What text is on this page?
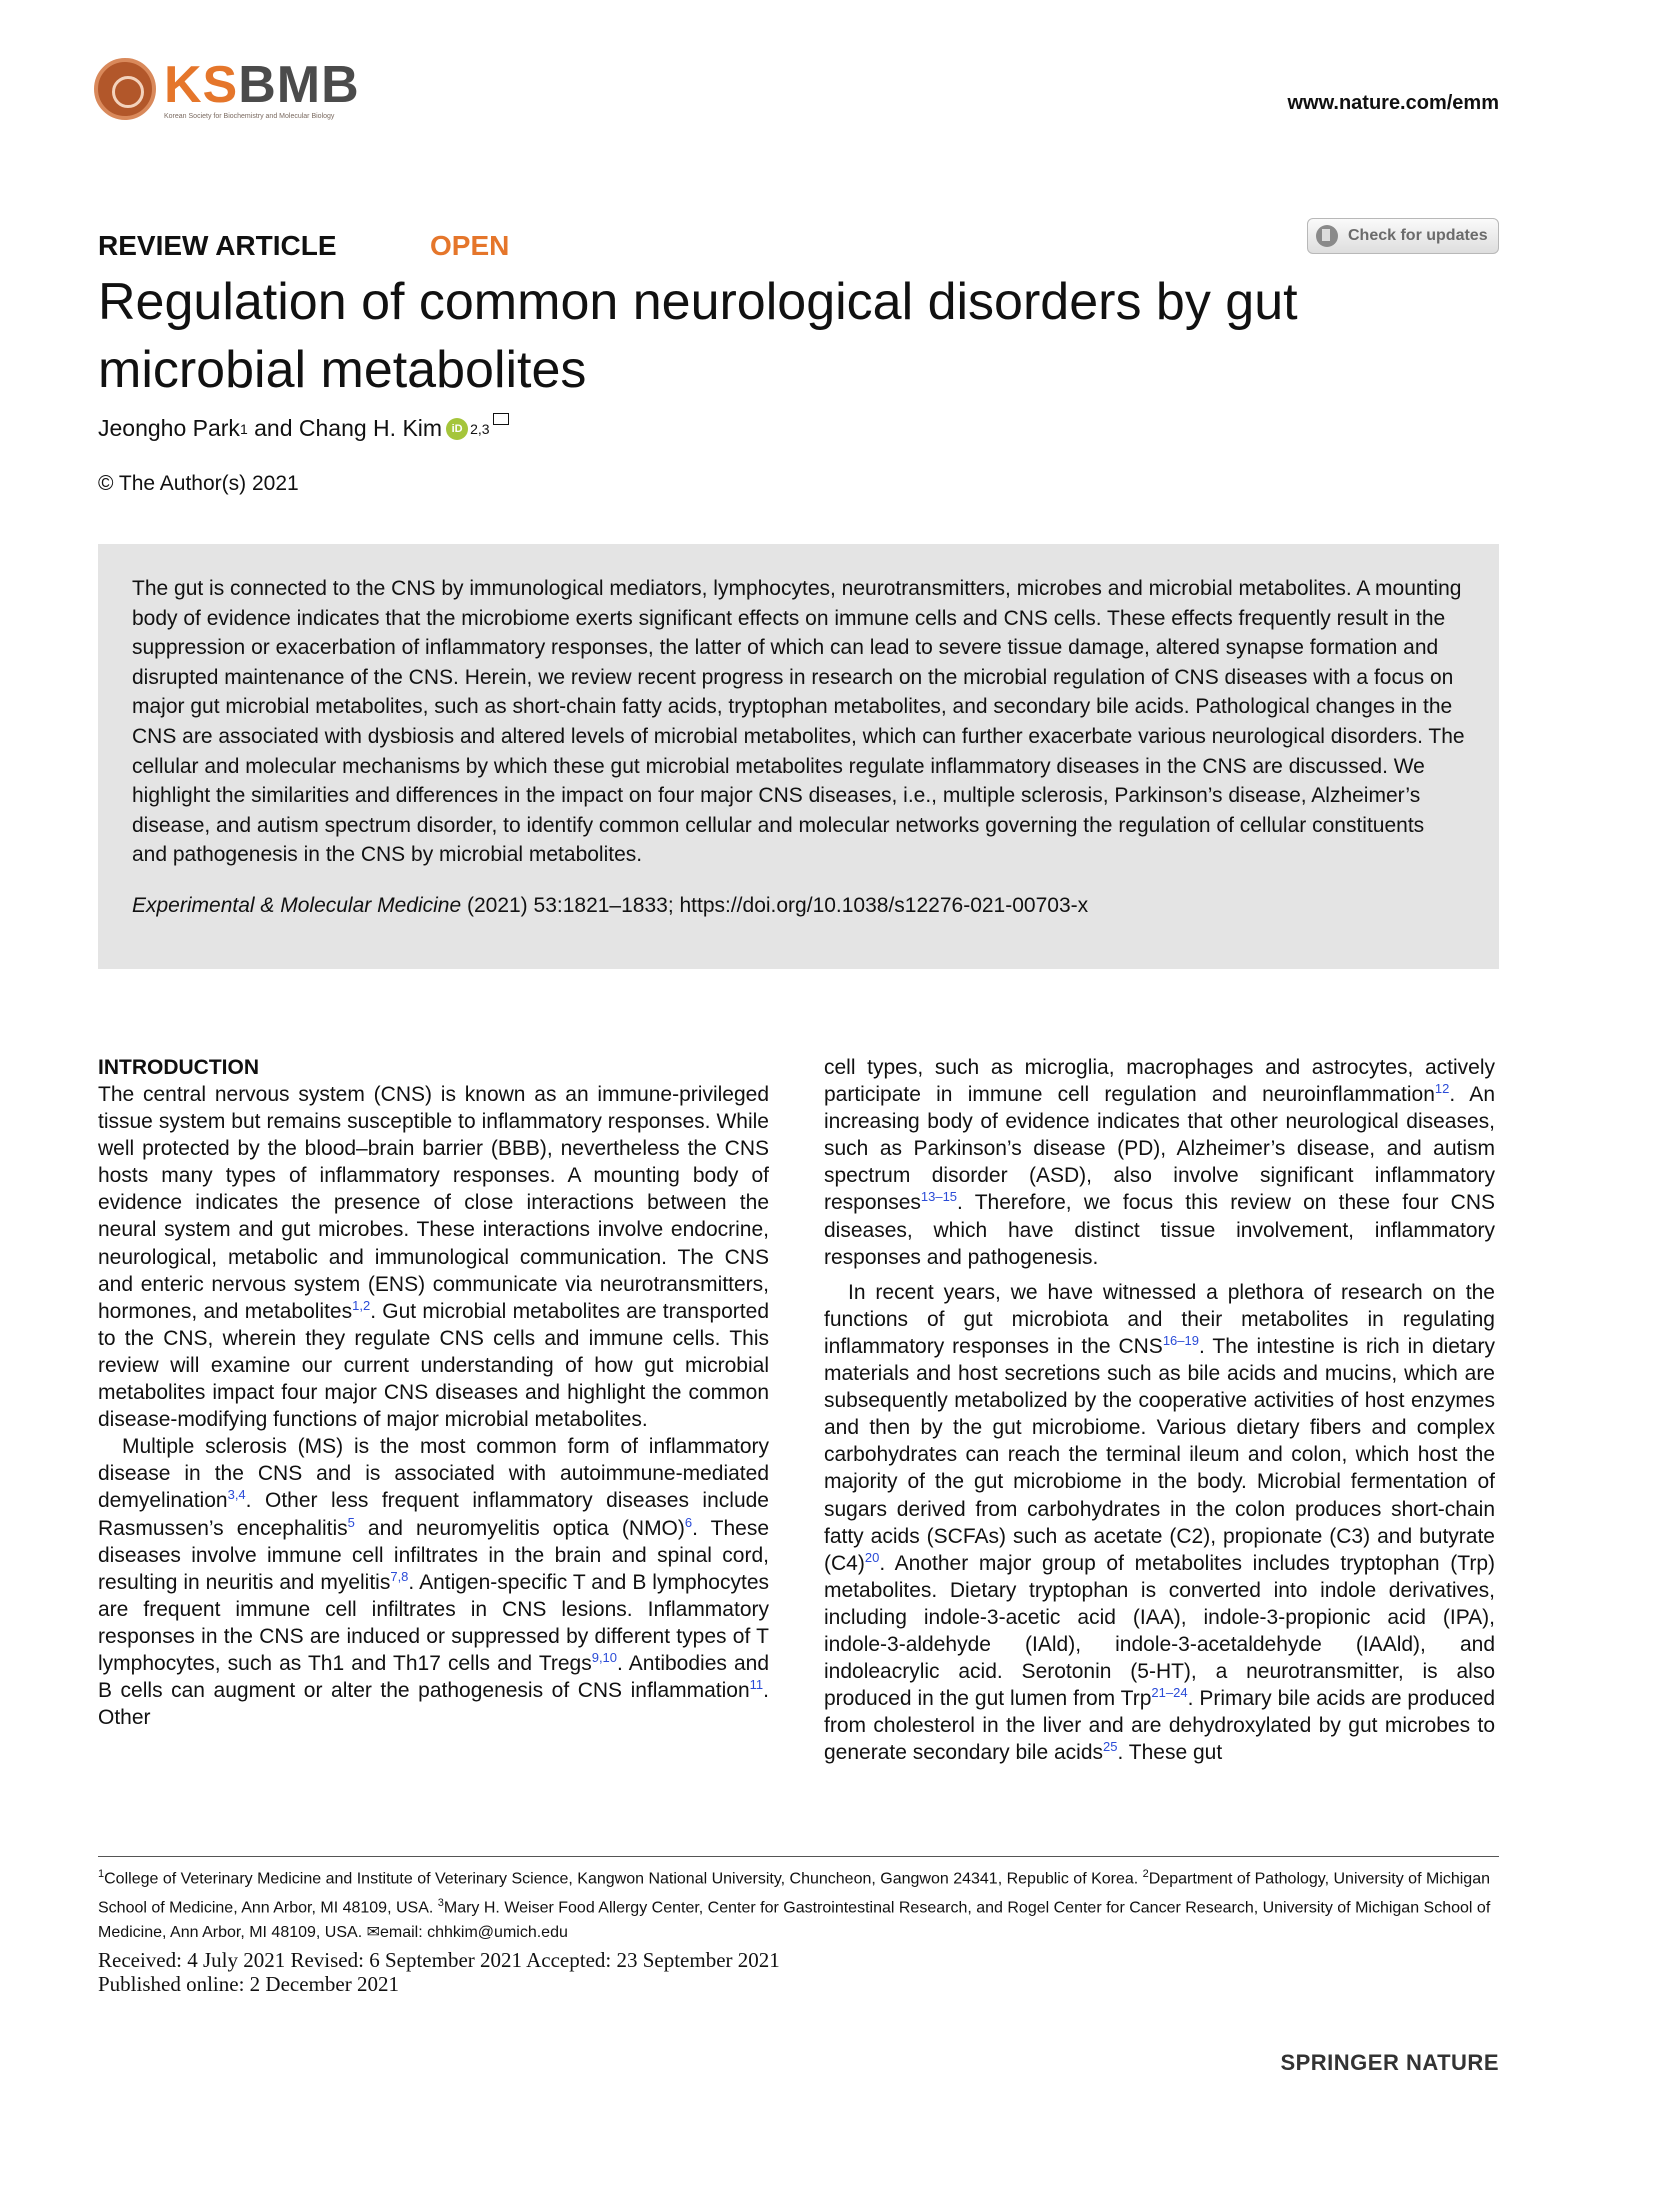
KSBMB
Korean Society for Biochemistry and Molecular Biology
www.nature.com/emm
REVIEW ARTICLE	OPEN	Check for updates
Regulation of common neurological disorders by gut microbial metabolites
Jeongho Park 1 and Chang H. Kim iD 2,3
© The Author(s) 2021

The gut is connected to the CNS by immunological mediators, lymphocytes, neurotransmitters, microbes and microbial metabolites. A mounting body of evidence indicates that the microbiome exerts significant effects on immune cells and CNS cells. These effects frequently result in the suppression or exacerbation of inflammatory responses, the latter of which can lead to severe tissue damage, altered synapse formation and disrupted maintenance of the CNS. Herein, we review recent progress in research on the microbial regulation of CNS diseases with a focus on major gut microbial metabolites, such as short-chain fatty acids, tryptophan metabolites, and secondary bile acids. Pathological changes in the CNS are associated with dysbiosis and altered levels of microbial metabolites, which can further exacerbate various neurological disorders. The cellular and molecular mechanisms by which these gut microbial metabolites regulate inflammatory diseases in the CNS are discussed. We highlight the similarities and differences in the impact on four major CNS diseases, i.e., multiple sclerosis, Parkinson’s disease, Alzheimer’s disease, and autism spectrum disorder, to identify common cellular and molecular networks governing the regulation of cellular constituents and pathogenesis in the CNS by microbial metabolites.

Experimental & Molecular Medicine (2021) 53:1821–1833; https://doi.org/10.1038/s12276-021-00703-x
INTRODUCTION

The central nervous system (CNS) is known as an immune-privileged tissue system but remains susceptible to inflammatory responses. While well protected by the blood–brain barrier (BBB), nevertheless the CNS hosts many types of inflammatory responses. A mounting body of evidence indicates the presence of close interactions between the neural system and gut microbes. These interactions involve endocrine, neurological, metabolic and immunological communication. The CNS and enteric nervous system (ENS) communicate via neurotransmitters, hormones, and metabolites$^{1,2}$. Gut microbial metabolites are transported to the CNS, wherein they regulate CNS cells and immune cells. This review will examine our current understanding of how gut microbial metabolites impact four major CNS diseases and highlight the common disease-modifying functions of major microbial metabolites.

Multiple sclerosis (MS) is the most common form of inflammatory disease in the CNS and is associated with autoimmune-mediated demyelination$^{3,4}$. Other less frequent inflammatory diseases include Rasmussen’s encephalitis$^5$ and neuromyelitis optica (NMO)$^6$. These diseases involve immune cell infiltrates in the brain and spinal cord, resulting in neuritis and myelitis$^{7,8}$. Antigen-specific T and B lymphocytes are frequent immune cell infiltrates in CNS lesions. Inflammatory responses in the CNS are induced or suppressed by different types of T lymphocytes, such as Th1 and Th17 cells and Tregs$^{9,10}$. Antibodies and B cells can augment or alter the pathogenesis of CNS inflammation$^{11}$. Other

cell types, such as microglia, macrophages and astrocytes, actively participate in immune cell regulation and neuroinflammation$^{12}$. An increasing body of evidence indicates that other neurological diseases, such as Parkinson’s disease (PD), Alzheimer’s disease, and autism spectrum disorder (ASD), also involve significant inflammatory responses$^{13-15}$. Therefore, we focus this review on these four CNS diseases, which have distinct tissue involvement, inflammatory responses and pathogenesis.

In recent years, we have witnessed a plethora of research on the functions of gut microbiota and their metabolites in regulating inflammatory responses in the CNS$^{16-19}$. The intestine is rich in dietary materials and host secretions such as bile acids and mucins, which are subsequently metabolized by the cooperative activities of host enzymes and then by the gut microbiome. Various dietary fibers and complex carbohydrates can reach the terminal ileum and colon, which host the majority of the gut microbiome in the body. Microbial fermentation of sugars derived from carbohydrates in the colon produces short-chain fatty acids (SCFAs) such as acetate (C2), propionate (C3) and butyrate (C4)$^{20}$. Another major group of metabolites includes tryptophan (Trp) metabolites. Dietary tryptophan is converted into indole derivatives, including indole-3-acetic acid (IAA), indole-3-propionic acid (IPA), indole-3-aldehyde (IAld), indole-3-acetaldehyde (IAAld), and indoleacrylic acid. Serotonin (5-HT), a neurotransmitter, is also produced in the gut lumen from Trp$^{21-24}$. Primary bile acids are produced from cholesterol in the liver and are dehydroxylated by gut microbes to generate secondary bile acids$^{25}$. These gut

$^1$College of Veterinary Medicine and Institute of Veterinary Science, Kangwon National University, Chuncheon, Gangwon 24341, Republic of Korea. $^2$Department of Pathology, University of Michigan School of Medicine, Ann Arbor, MI 48109, USA. $^3$Mary H. Weiser Food Allergy Center, Center for Gastrointestinal Research, and Rogel Center for Cancer Research, University of Michigan School of Medicine, Ann Arbor, MI 48109, USA. ✉email: chhkim@umich.edu

Received: 4 July 2021 Revised: 6 September 2021 Accepted: 23 September 2021
Published online: 2 December 2021
SPRINGER NATURE
